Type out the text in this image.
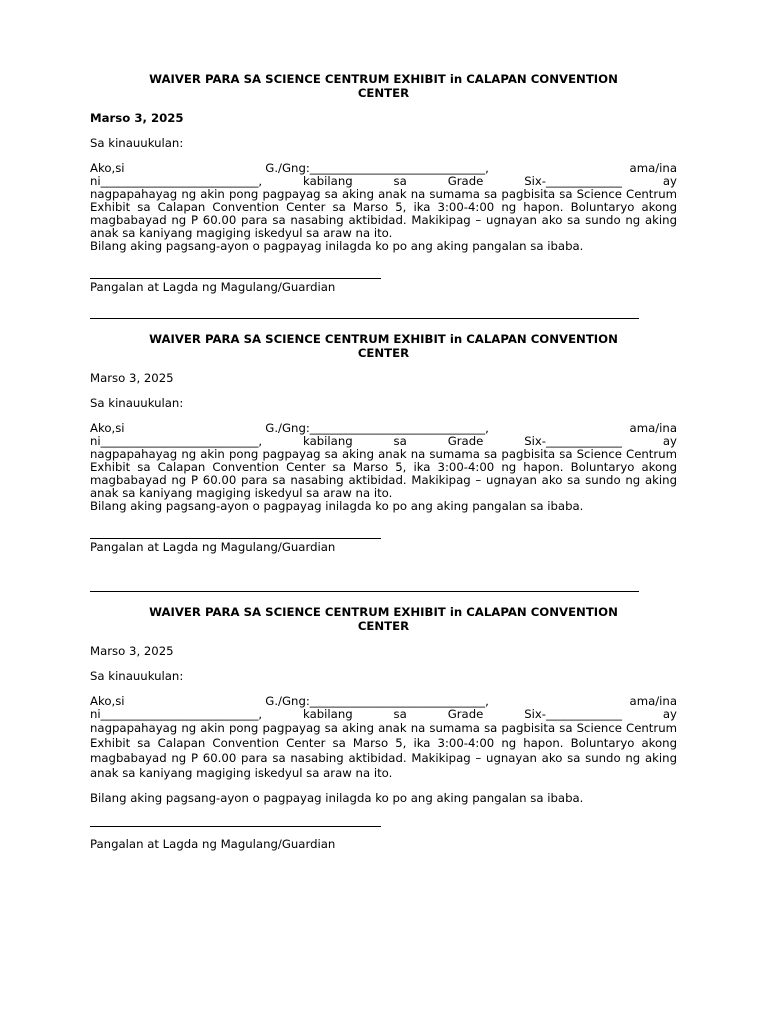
WAIVER PARA SA SCIENCE CENTRUM EXHIBIT in CALAPAN CONVENTION

CENTER

Marso 3, 2025

Sa kinauukulan:

Ako,si	G./Gng:______________________________,	ama/ina
ni___________________________,	kabilang	sa	Grade	Six-_____________	ay

nagpapahayag ng akin pong pagpayag sa aking anak na sumama sa pagbisita sa Science Centrum Exhibit sa Calapan Convention Center sa Marso 5, ika 3:00-4:00 ng hapon. Boluntaryo akong magbabayad ng P 60.00 para sa nasabing aktibidad. Makikipag – ugnayan ako sa sundo ng aking anak sa kaniyang magiging iskedyul sa araw na ito.

Bilang aking pagsang-ayon o pagpayag inilagda ko po ang aking pangalan sa ibaba.

Pangalan at Lagda ng Magulang/Guardian

WAIVER PARA SA SCIENCE CENTRUM EXHIBIT in CALAPAN CONVENTION

CENTER

Marso 3, 2025

Sa kinauukulan:

Ako,si	G./Gng:______________________________,	ama/ina
ni___________________________,	kabilang	sa	Grade	Six-_____________	ay

nagpapahayag ng akin pong pagpayag sa aking anak na sumama sa pagbisita sa Science Centrum Exhibit sa Calapan Convention Center sa Marso 5, ika 3:00-4:00 ng hapon. Boluntaryo akong magbabayad ng P 60.00 para sa nasabing aktibidad. Makikipag – ugnayan ako sa sundo ng aking anak sa kaniyang magiging iskedyul sa araw na ito.

Bilang aking pagsang-ayon o pagpayag inilagda ko po ang aking pangalan sa ibaba.

Pangalan at Lagda ng Magulang/Guardian

WAIVER PARA SA SCIENCE CENTRUM EXHIBIT in CALAPAN CONVENTION

CENTER

Marso 3, 2025

Sa kinauukulan:

Ako,si	G./Gng:______________________________,	ama/ina
ni___________________________,	kabilang	sa	Grade	Six-_____________	ay

nagpapahayag ng akin pong pagpayag sa aking anak na sumama sa pagbisita sa Science Centrum Exhibit sa Calapan Convention Center sa Marso 5, ika 3:00-4:00 ng hapon. Boluntaryo akong magbabayad ng P 60.00 para sa nasabing aktibidad. Makikipag – ugnayan ako sa sundo ng aking anak sa kaniyang magiging iskedyul sa araw na ito.

Bilang aking pagsang-ayon o pagpayag inilagda ko po ang aking pangalan sa ibaba.

Pangalan at Lagda ng Magulang/Guardian
